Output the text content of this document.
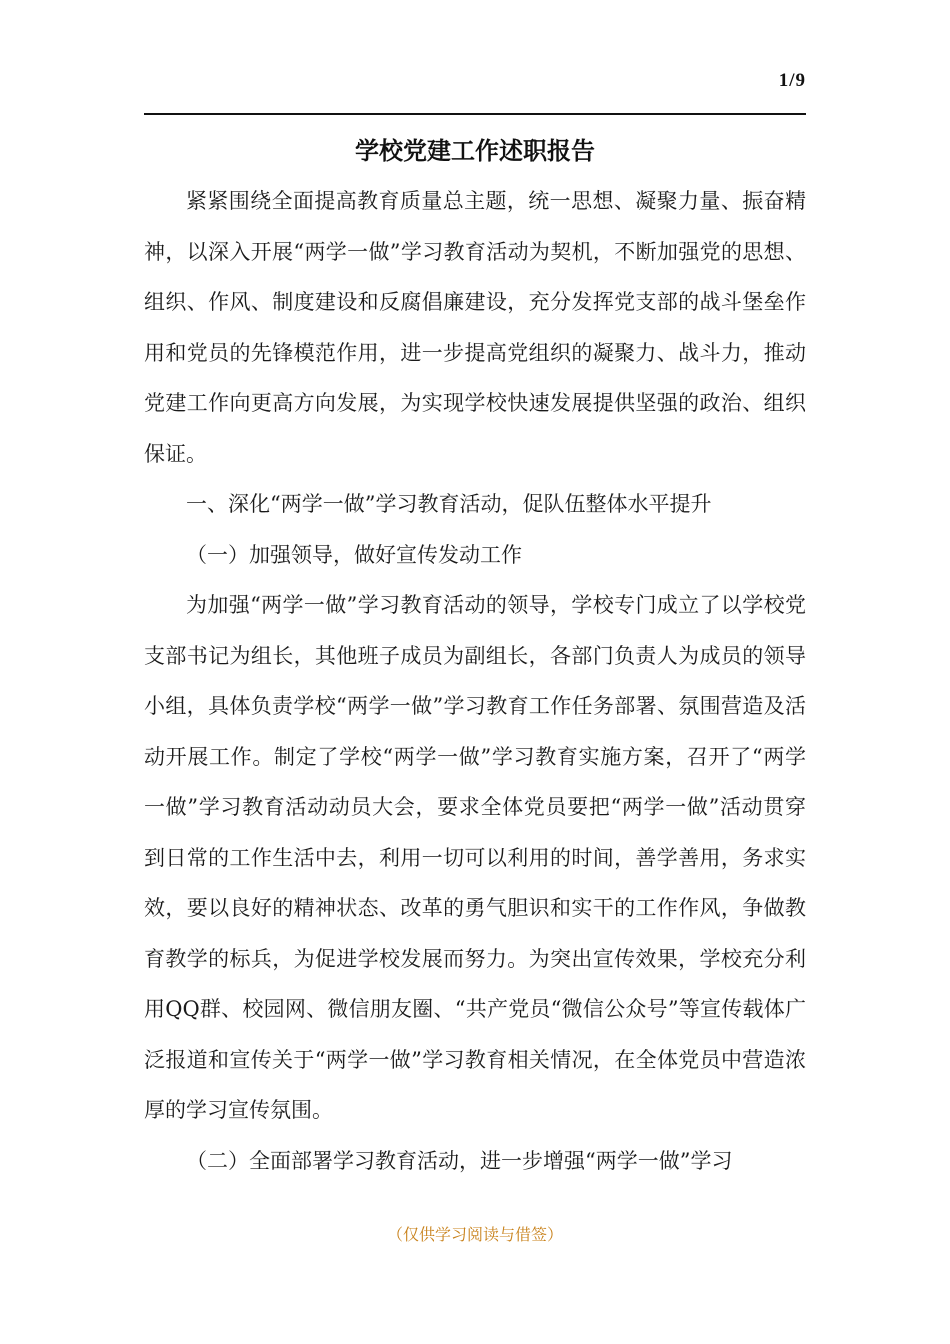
1/9
学校党建工作述职报告

紧紧围绕全面提高教育质量总主题，统一思想、凝聚力量、振奋精神，以深入开展“两学一做”学习教育活动为契机，不断加强党的思想、组织、作风、制度建设和反腐倡廉建设，充分发挥党支部的战斗堡垒作用和党员的先锋模范作用，进一步提高党组织的凝聚力、战斗力，推动党建工作向更高方向发展，为实现学校快速发展提供坚强的政治、组织保证。

一、深化“两学一做”学习教育活动，促队伍整体水平提升

（一）加强领导，做好宣传发动工作

为加强“两学一做”学习教育活动的领导，学校专门成立了以学校党支部书记为组长，其他班子成员为副组长，各部门负责人为成员的领导小组，具体负责学校“两学一做”学习教育工作任务部署、氛围营造及活动开展工作。制定了学校“两学一做”学习教育实施方案，召开了“两学一做”学习教育活动动员大会，要求全体党员要把“两学一做”活动贯穿到日常的工作生活中去，利用一切可以利用的时间，善学善用，务求实效，要以良好的精神状态、改革的勇气胆识和实干的工作作风，争做教育教学的标兵，为促进学校发展而努力。为突出宣传效果，学校充分利用QQ群、校园网、微信朋友圈、“共产党员“微信公众号”等宣传载体广泛报道和宣传关于“两学一做”学习教育相关情况，在全体党员中营造浓厚的学习宣传氛围。

（二）全面部署学习教育活动，进一步增强“两学一做”学习

（仅供学习阅读与借签）
